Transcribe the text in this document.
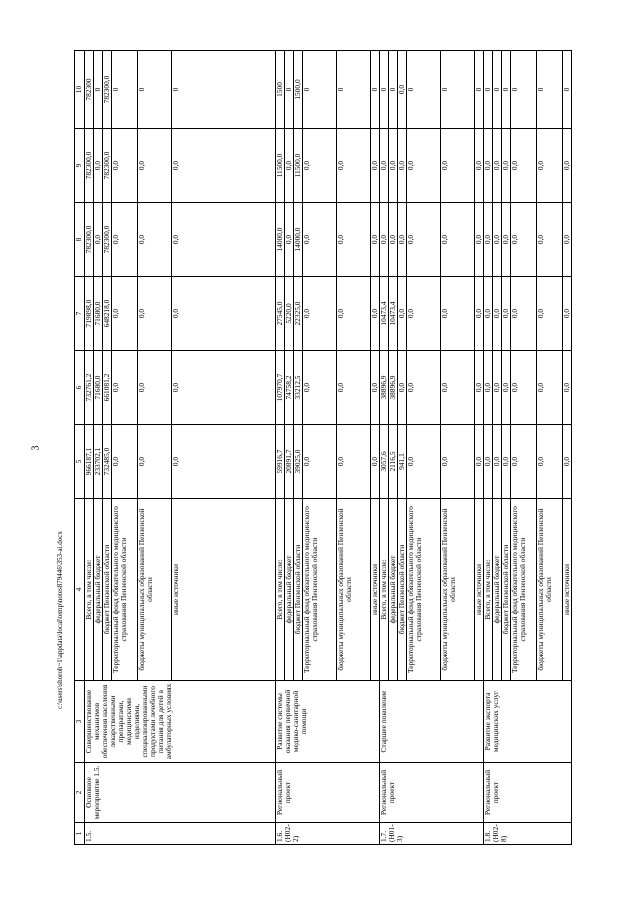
3
c:\users\shoroh~1\appdata\local\temp\notes879446\353-ai.docx
1	2	3	4	5	6	7	8	9	10
1.5.	Основное мероприятие 1.5.	Совершенствование механизмов обеспечения населения лекарственными препаратами, медицинскими изделиями, специализированными продуктами лечебного питания для детей в амбулаторных условиях	Всего, в том числе:	966187,1	732761,2	719898,0	782300,0	782300,0	782300
			федеральный бюджет	233702,1	71680,0	71680,0	0,0	0,0	0
			бюджет Пензенской области	732485,0	661081,2	648218,0	782300,0	782300,0	782300,0
			Территориальный фонд обязательного медицинского страхования Пензенской области	0,0	0,0	0,0	0,0	0,0	0
			бюджеты муниципальных образований Пензенской области	0,0	0,0	0,0	0,0	0,0	0
			иные источники	0,0	0,0	0,0	0,0	0,0	0
1.6. (Н02-2)	Региональный проект	Развитие системы оказания первичной медико-санитарной помощи	Всего, в том числе:	59916,7	107970,7	27545,0	14000,0	11500,0	1500
			федеральный бюджет	20891,7	74758,2	5220,0	0,0	0,0	0
			бюджет Пензенской области	39025,0	33212,5	22325,0	14000,0	11500,0	1500,0
			Территориальный фонд обязательного медицинского страхования Пензенской области	0,0	0,0	0,0	0,0	0,0	0
			бюджеты муниципальных образований Пензенской области	0,0	0,0	0,0	0,0	0,0	0
			иные источники	0,0	0,0	0,0	0,0	0,0	0
1.7. (Н01-3)	Региональный проект	Старшее поколение	Всего, в том числе:	3057,6	38896,9	10473,4	0,0	0,0	0
			федеральный бюджет	2116,5	38896,9	10473,4	0,0	0,0	0
			бюджет Пензенской области	941,1	0,0	0,0	0,0	0,0	0,0
			Территориальный фонд обязательного медицинского страхования Пензенской области	0,0	0,0	0,0	0,0	0,0	0
			бюджеты муниципальных образований Пензенской области	0,0	0,0	0,0	0,0	0,0	0
			иные источники	0,0	0,0	0,0	0,0	0,0	0
1.8. (Н02-8)	Региональный проект	Развитие экспорта медицинских услуг	Всего, в том числе:	0,0	0,0	0,0	0,0	0,0	0
			федеральный бюджет	0,0	0,0	0,0	0,0	0,0	0
			бюджет Пензенской области	0,0	0,0	0,0	0,0	0,0	0
			Территориальный фонд обязательного медицинского страхования Пензенской области	0,0	0,0	0,0	0,0	0,0	0
			бюджеты муниципальных образований Пензенской области	0,0	0,0	0,0	0,0	0,0	0
			иные источники	0,0	0,0	0,0	0,0	0,0	0
